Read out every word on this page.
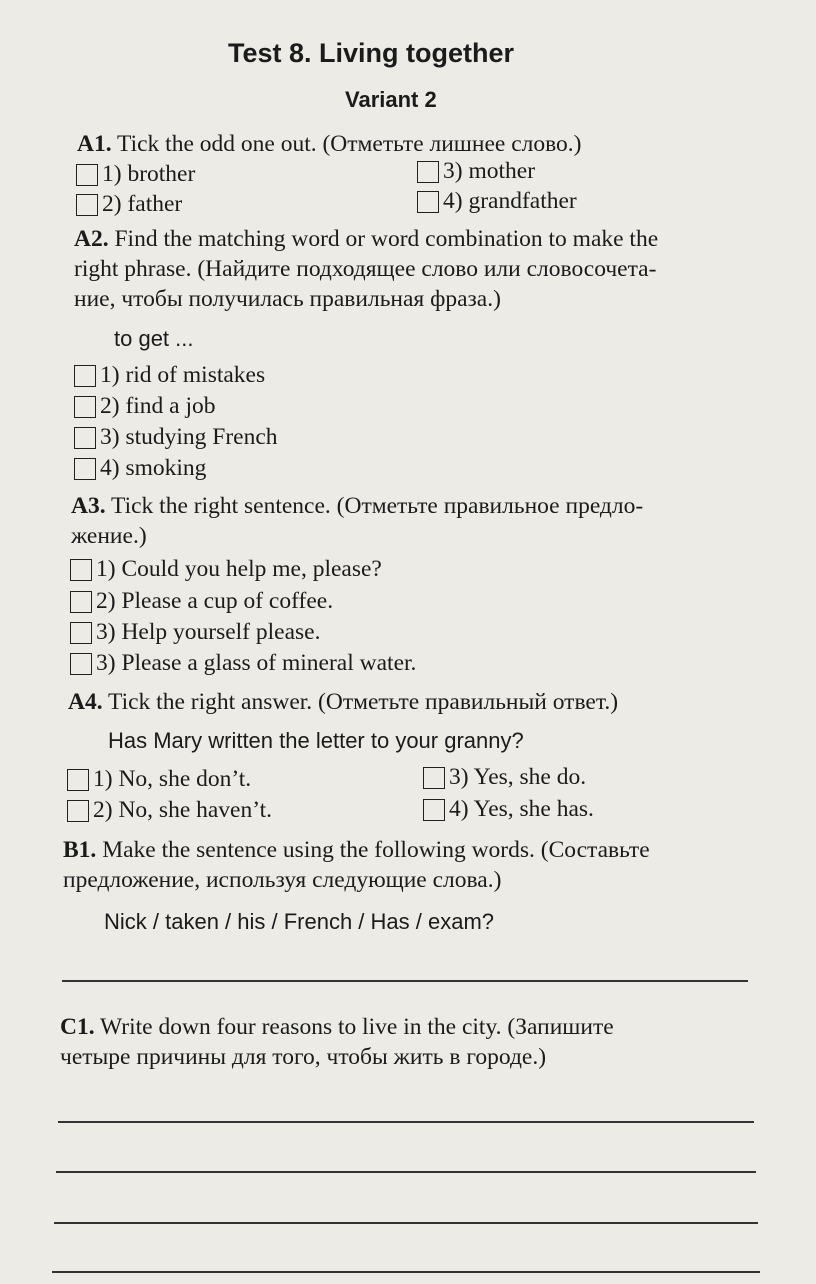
Test 8. Living together
Variant 2
A1. Tick the odd one out. (Отметьте лишнее слово.)
1) brother	3) mother
2) father	4) grandfather
A2. Find the matching word or word combination to make the
right phrase. (Найдите подходящее слово или словосочета-
ние, чтобы получилась правильная фраза.)
to get ...
1) rid of mistakes
2) find a job
3) studying French
4) smoking
A3. Tick the right sentence. (Отметьте правильное предло-
жение.)
1) Could you help me, please?
2) Please a cup of coffee.
3) Help yourself please.
3) Please a glass of mineral water.
A4. Tick the right answer. (Отметьте правильный ответ.)
Has Mary written the letter to your granny?
1) No, she don’t.	3) Yes, she do.
2) No, she haven’t.	4) Yes, she has.
B1. Make the sentence using the following words. (Составьте
предложение, используя следующие слова.)
Nick / taken / his / French / Has / exam?
C1. Write down four reasons to live in the city. (Запишите
четыре причины для того, чтобы жить в городе.)
